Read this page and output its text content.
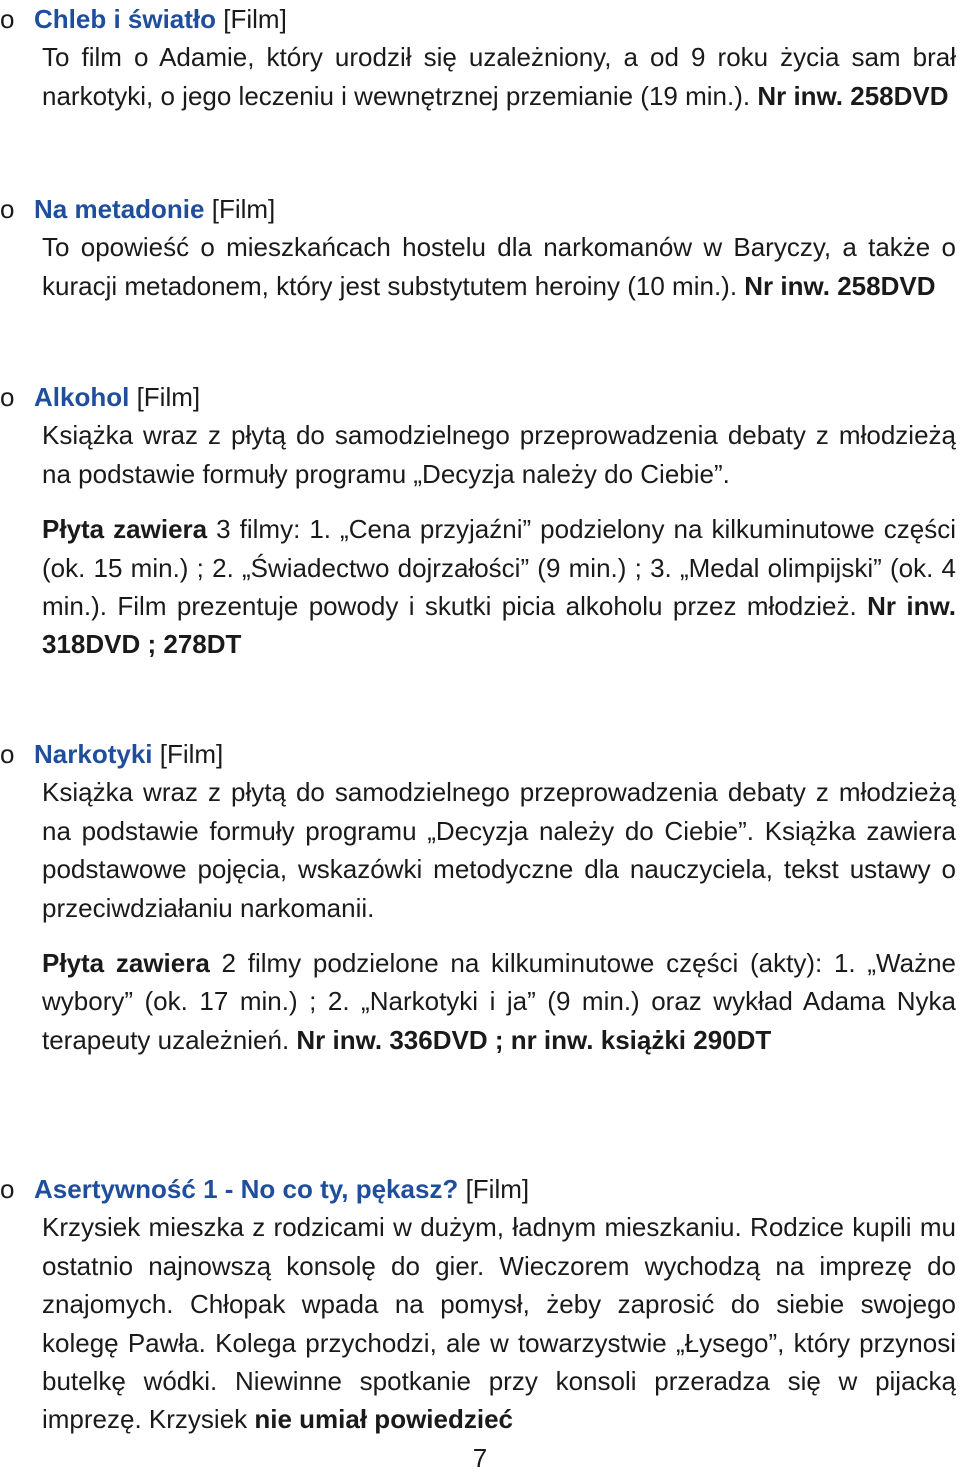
o Chleb i światło [Film]

To film o Adamie, który urodził się uzależniony, a od 9 roku życia sam brał narkotyki, o jego leczeniu i wewnętrznej przemianie (19 min.). Nr inw. 258DVD

o Na metadonie [Film]

To opowieść o mieszkańcach hostelu dla narkomanów w Baryczy, a także o kuracji metadonem, który jest substytutem heroiny (10 min.). Nr inw. 258DVD

o Alkohol [Film]

Książka wraz z płytą do samodzielnego przeprowadzenia debaty z młodzieżą na podstawie formuły programu „Decyzja należy do Ciebie”.

Płyta zawiera 3 filmy: 1. „Cena przyjaźni” podzielony na kilkuminutowe części (ok. 15 min.) ; 2. „Świadectwo dojrzałości” (9 min.) ; 3. „Medal olimpijski” (ok. 4 min.). Film prezentuje powody i skutki picia alkoholu przez młodzież. Nr inw. 318DVD ; 278DT

o Narkotyki [Film]

Książka wraz z płytą do samodzielnego przeprowadzenia debaty z młodzieżą na podstawie formuły programu „Decyzja należy do Ciebie”. Książka zawiera podstawowe pojęcia, wskazówki metodyczne dla nauczyciela, tekst ustawy o przeciwdziałaniu narkomanii.

Płyta zawiera 2 filmy podzielone na kilkuminutowe części (akty): 1. „Ważne wybory” (ok. 17 min.) ; 2. „Narkotyki i ja” (9 min.) oraz wykład Adama Nyka terapeuty uzależnień. Nr inw. 336DVD ; nr inw. książki 290DT

o Asertywność 1 - No co ty, pękasz? [Film]

Krzysiek mieszka z rodzicami w dużym, ładnym mieszkaniu. Rodzice kupili mu ostatnio najnowszą konsolę do gier. Wieczorem wychodzą na imprezę do znajomych. Chłopak wpada na pomysł, żeby zaprosić do siebie swojego kolegę Pawła. Kolega przychodzi, ale w towarzystwie „Łysego”, który przynosi butelkę wódki. Niewinne spotkanie przy konsoli przeradza się w pijacką imprezę. Krzysiek nie umiał powiedzieć

7
